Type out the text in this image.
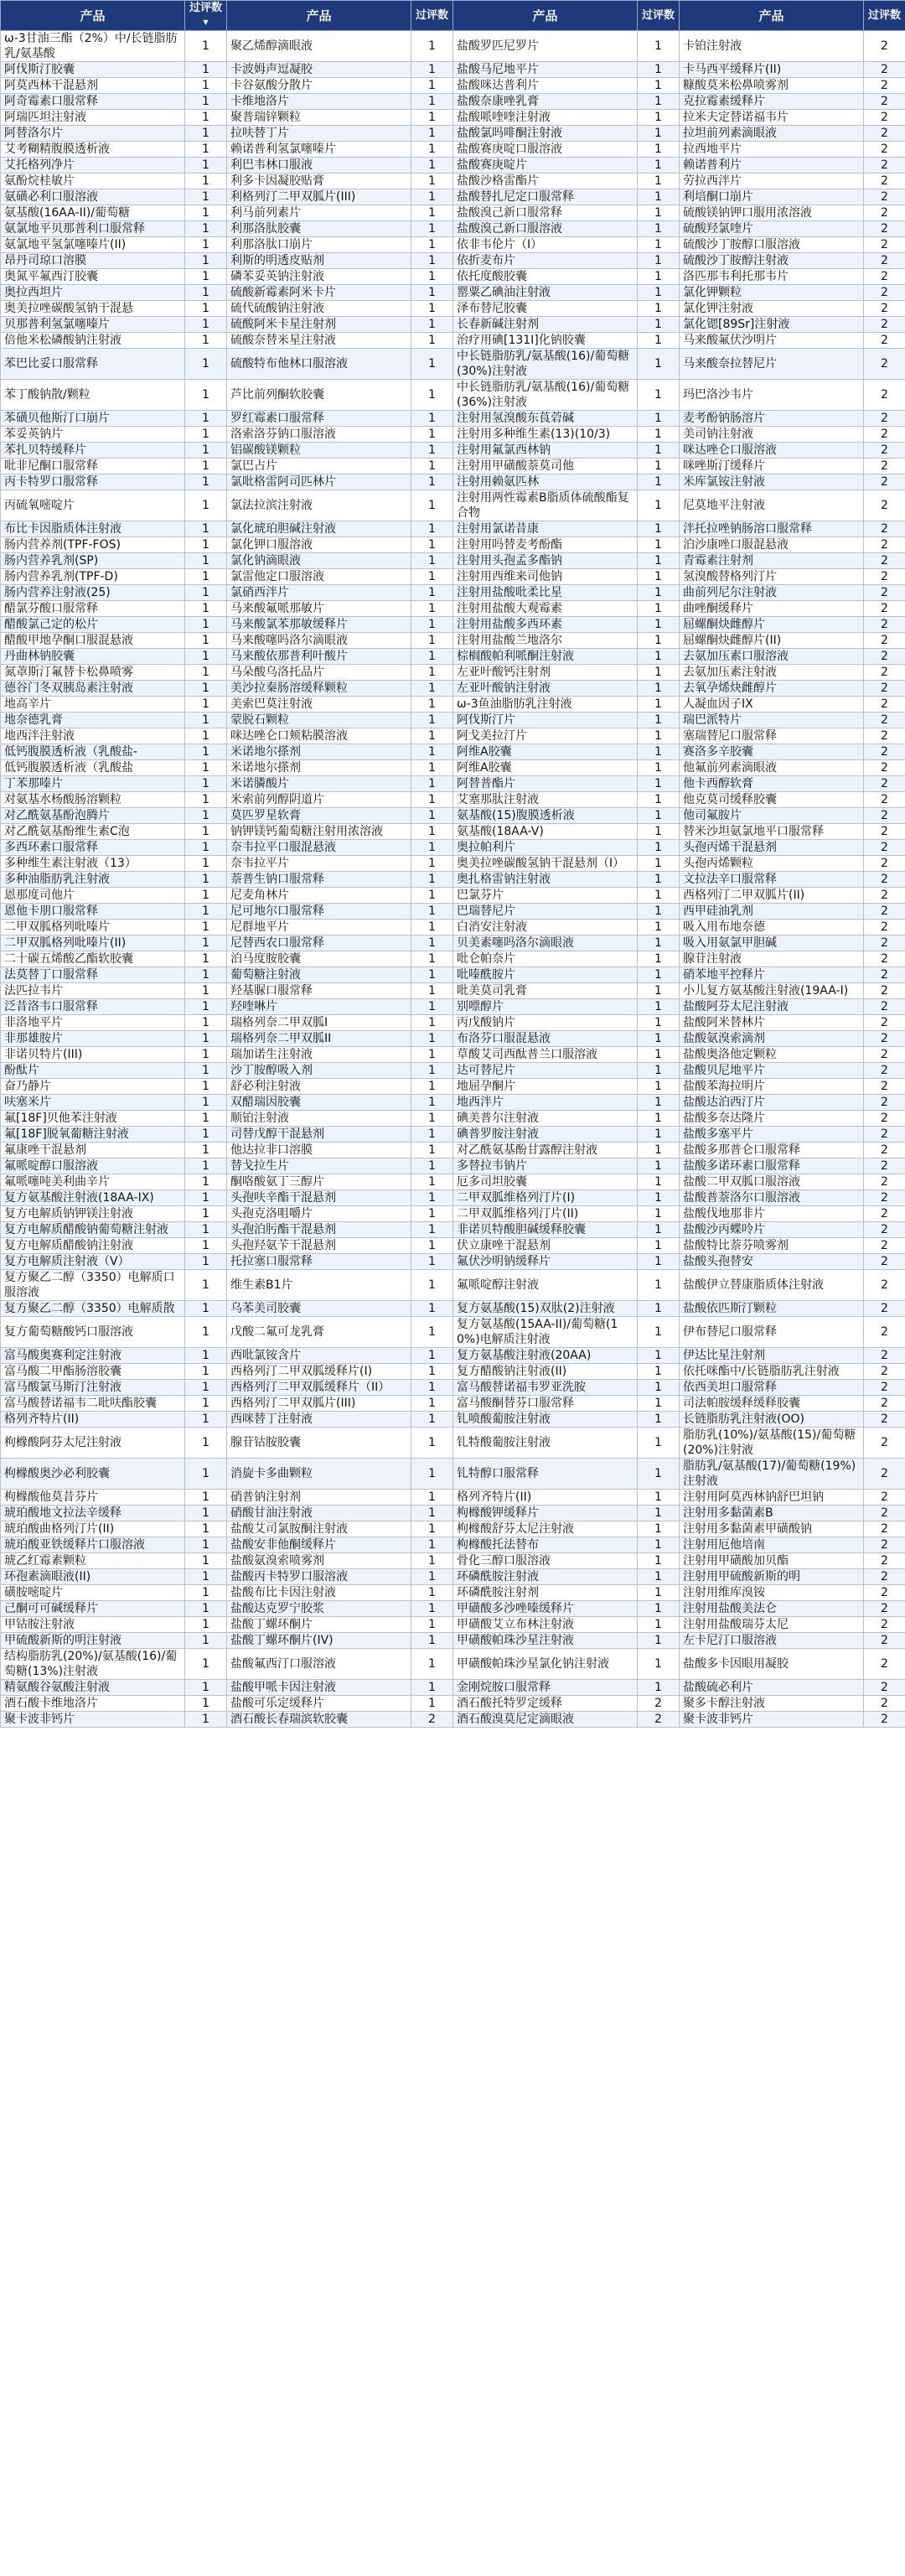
产品	过评数▼	产品	过评数	产品	过评数	产品	过评数
ω-3甘油三酯（2%）中/长链脂肪乳/氨基酸	1	聚乙烯醇滴眼液	1	盐酸罗匹尼罗片	1	卡铂注射液	2
阿伐斯汀胶囊	1	卡波姆声逗凝胶	1	盐酸马尼地平片	1	卡马西平缓释片(II)	2
阿莫西林干混悬剂	1	卡谷氨酸分散片	1	盐酸咪达普利片	1	糠酸莫米松鼻喷雾剂	2
阿奇霉素口服常释	1	卡维地洛片	1	盐酸奈康唑乳膏	1	克拉霉素缓释片	2
阿瑞匹坦注射液	1	聚普瑞锌颗粒	1	盐酸哌喹喹注射液	1	拉米夫定替诺福韦片	2
阿替洛尔片	1	拉呋替丁片	1	盐酸氯吗啡酮注射液	1	拉坦前列素滴眼液	2
艾考糊精腹膜透析液	1	赖诺普利氢氯噻嗪片	1	盐酸赛庚啶口服溶液	1	拉西地平片	2
艾托格列净片	1	利巴韦林口服液	1	盐酸赛庚啶片	1	赖诺普利片	2
氨酚烷桂敏片	1	利多卡因凝胶贴膏	1	盐酸沙格雷酯片	1	劳拉西泮片	2
氨磺必利口服溶液	1	利格列汀二甲双胍片(III)	1	盐酸替扎尼定口服常释	1	利培酮口崩片	2
氨基酸(16AA-II)/葡萄糖	1	利马前列素片	1	盐酸溴己新口服常释	1	硫酸镁钠钾口服用浓溶液	2
氨氯地平贝那普利口服常释	1	利那洛肽胶囊	1	盐酸溴己新口服溶液	1	硫酸羟氯喹片	2
氨氯地平氢氯噻嗪片(II)	1	利那洛肽口崩片	1	依非韦伦片（I）	1	硫酸沙丁胺醇口服溶液	2
昂丹司琼口溶膜	1	利斯的明透皮贴剂	1	依折麦布片	1	硫酸沙丁胺醇注射液	2
奥氮平氟西汀胶囊	1	磷苯妥英钠注射液	1	依托度酸胶囊	1	洛匹那韦利托那韦片	2
奥拉西坦片	1	硫酸新霉素阿米卡片	1	罂粟乙碘油注射液	1	氯化钾颗粒	2
奥美拉唑碳酸氢钠干混悬	1	硫代硫酸钠注射液	1	泽布替尼胶囊	1	氯化钾注射液	2
贝那普利氢氯噻嗪片	1	硫酸阿米卡星注射剂	1	长春新碱注射剂	1	氯化锶[89Sr]注射液	2
倍他米松磷酸钠注射液	1	硫酸奈替米星注射液	1	治疗用碘[131I]化钠胶囊	1	马来酸氟伏沙明片	2
苯巴比妥口服常释	1	硫酸特布他林口服溶液	1	中长链脂肪乳/氨基酸(16)/葡萄糖(30%)注射液	1	马来酸奈拉替尼片	2
苯丁酸钠散/颗粒	1	芦比前列酮软胶囊	1	中长链脂肪乳/氨基酸(16)/葡萄糖(36%)注射液	1	玛巴洛沙韦片	2
苯磺贝他斯汀口崩片	1	罗红霉素口服常释	1	注射用氢溴酸东莨菪碱	1	麦考酚钠肠溶片	2
苯妥英钠片	1	洛索洛芬钠口服溶液	1	注射用多种维生素(13)(10/3)	1	美司钠注射液	2
苯扎贝特缓释片	1	铝碳酸镁颗粒	1	注射用氟氯西林钠	1	咪达唑仑口服溶液	2
吡非尼酮口服常释	1	氯巴占片	1	注射用甲磺酸萘莫司他	1	咪唑斯汀缓释片	2
丙卡特罗口服常释	1	氯吡格雷阿司匹林片	1	注射用赖氨匹林	1	米库氯铵注射液	2
丙硫氧嘧啶片	1	氯法拉滨注射液	1	注射用两性霉素B脂质体硫酸酯复合物	1	尼莫地平注射液	2
布比卡因脂质体注射液	1	氯化琥珀胆碱注射液	1	注射用氯诺昔康	1	泮托拉唑钠肠溶口服常释	2
肠内营养剂(TPF-FOS)	1	氯化钾口服溶液	1	注射用吗替麦考酚酯	1	泊沙康唑口服混悬液	2
肠内营养乳剂(SP)	1	氯化钠滴眼液	1	注射用头孢孟多酯钠	1	青霉素注射剂	2
肠内营养乳剂(TPF-D)	1	氯雷他定口服溶液	1	注射用西维来司他钠	1	氢溴酸替格列汀片	2
肠内营养注射液(25)	1	氯硝西泮片	1	注射用盐酸吡柔比星	1	曲前列尼尔注射液	2
醋氯芬酸口服常释	1	马来酸氟哌那敏片	1	注射用盐酸大观霉素	1	曲唑酮缓释片	2
醋酸氯己定的松片	1	马来酸氯苯那敏缓释片	1	注射用盐酸多西环素	1	屈螺酮炔雌醇片	2
醋酸甲地孕酮口服混悬液	1	马来酸噻吗洛尔滴眼液	1	注射用盐酸兰地洛尔	1	屈螺酮炔雌醇片(II)	2
丹曲林钠胶囊	1	马来酸依那普利叶酸片	1	棕榈酸帕利哌酮注射液	1	去氨加压素口服溶液	2
氮䓬斯汀氟替卡松鼻喷雾	1	马朵酸乌洛托品片	1	左亚叶酸钙注射剂	1	去氨加压素注射液	2
德谷门冬双胰岛素注射液	1	美沙拉秦肠溶缓释颗粒	1	左亚叶酸钠注射液	1	去氧孕烯炔雌醇片	2
地高辛片	1	美索巴莫注射液	1	ω-3鱼油脂肪乳注射液	1	人凝血因子IX	2
地奈德乳膏	1	蒙脱石颗粒	1	阿伐斯汀片	1	瑞巴派特片	2
地西泮注射液	1	咪达唑仑口颊粘膜溶液	1	阿戈美拉汀片	1	塞瑞替尼口服常释	2
低钙腹膜透析液（乳酸盐-	1	米诺地尔搽剂	1	阿维A胶囊	1	赛洛多辛胶囊	2
低钙腹膜透析液（乳酸盐	1	米诺地尔搽剂	1	阿维A胶囊	1	他氟前列素滴眼液	2
丁苯那嗪片	1	米诺膦酸片	1	阿替普酯片	1	他卡西醇软膏	2
对氨基水杨酸肠溶颗粒	1	米索前列醇阴道片	1	艾塞那肽注射液	1	他克莫司缓释胶囊	2
对乙酰氨基酚泡腾片	1	莫匹罗星软膏	1	氨基酸(15)腹膜透析液	1	他司氟胺片	2
对乙酰氨基酚维生素C泡	1	钠钾镁钙葡萄糖注射用浓溶液	1	氨基酸(18AA-V)	1	替米沙坦氨氯地平口服常释	2
多西环素口服常释	1	奈韦拉平口服混悬液	1	奥拉帕利片	1	头孢丙烯干混悬剂	2
多种维生素注射液（13）	1	奈韦拉平片	1	奥美拉唑碳酸氢钠干混悬剂（I）	1	头孢丙烯颗粒	2
多种油脂肪乳注射液	1	萘普生钠口服常释	1	奥扎格雷钠注射液	1	文拉法辛口服常释	2
恩那度司他片	1	尼麦角林片	1	巴氯芬片	1	西格列汀二甲双胍片(II)	2
恩他卡朋口服常释	1	尼可地尔口服常释	1	巴瑞替尼片	1	西甲硅油乳剂	2
二甲双胍格列吡嗪片	1	尼群地平片	1	白消安注射液	1	吸入用布地奈德	2
二甲双胍格列吡嗪片(II)	1	尼替西农口服常释	1	贝美素噻吗洛尔滴眼液	1	吸入用氨氯甲胆碱	2
二十碳五烯酸乙酯软胶囊	1	泊马度胺胶囊	1	吡仑帕奈片	1	腺苷注射液	2
法莫替丁口服常释	1	葡萄糖注射液	1	吡嗪酰胺片	1	硝苯地平控释片	2
法匹拉韦片	1	羟基脲口服常释	1	吡美莫司乳膏	1	小儿复方氨基酸注射液(19AA-I)	2
泛昔洛韦口服常释	1	羟喹啉片	1	别嘌醇片	1	盐酸阿芬太尼注射液	2
非洛地平片	1	瑞格列奈二甲双胍I	1	丙戊酸钠片	1	盐酸阿米替林片	2
非那雄胺片	1	瑞格列奈二甲双胍II	1	布洛芬口服混悬液	1	盐酸氨溴索滴剂	2
非诺贝特片(III)	1	瑞加诺生注射液	1	草酸艾司西酞普兰口服溶液	1	盐酸奥洛他定颗粒	2
酚酞片	1	沙丁胺醇吸入剂	1	达可替尼片	1	盐酸贝尼地平片	2
奋乃静片	1	舒必利注射液	1	地屈孕酮片	1	盐酸苯海拉明片	2
呋塞米片	1	双醋瑞因胶囊	1	地西泮片	1	盐酸达泊西汀片	2
氟[18F]贝他苯注射液	1	顺铂注射液	1	碘美普尔注射液	1	盐酸多奈达隆片	2
氟[18F]脱氧葡糖注射液	1	司替戊醇干混悬剂	1	碘普罗胺注射液	1	盐酸多塞平片	2
氟康唑干混悬剂	1	他达拉非口溶膜	1	对乙酰氨基酚甘露醇注射液	1	盐酸多那普仑口服常释	2
氟哌啶醇口服溶液	1	替戈拉生片	1	多替拉韦钠片	1	盐酸多诺环素口服常释	2
氟哌噻吨美利曲辛片	1	酮咯酸氨丁三醇片	1	厄多司坦胶囊	1	盐酸二甲双胍口服溶液	2
复方氨基酸注射液(18AA-IX)	1	头孢呋辛酯干混悬剂	1	二甲双胍维格列汀片(I)	1	盐酸普萘洛尔口服溶液	2
复方电解质钠钾镁注射液	1	头孢克洛咀嚼片	1	二甲双胍维格列汀片(II)	1	盐酸伐地那非片	2
复方电解质醋酸钠葡萄糖注射液	1	头孢泊肟酯干混悬剂	1	非诺贝特酸胆碱缓释胶囊	1	盐酸沙丙蝶呤片	2
复方电解质醋酸钠注射液	1	头孢羟氨苄干混悬剂	1	伏立康唑干混悬剂	1	盐酸特比萘芬喷雾剂	2
复方电解质注射液（V）	1	托拉塞口服常释	1	氟伏沙明钠缓释片	1	盐酸头孢替安	2
复方聚乙二醇（3350）电解质口服溶液	1	维生素B1片	1	氟哌啶醇注射液	1	盐酸伊立替康脂质体注射液	2
复方聚乙二醇（3350）电解质散	1	乌苯美司胶囊	1	复方氨基酸(15)双肽(2)注射液	1	盐酸依匹斯汀颗粒	2
复方葡萄糖酸钙口服溶液	1	戊酸二氟可龙乳膏	1	复方氨基酸(15AA-II)/葡萄糖(10%)电解质注射液	1	伊布替尼口服常释	2
富马酸奥赛利定注射液	1	西吡氯铵含片	1	复方氨基酸注射液(20AA)	1	伊达比星注射剂	2
富马酸二甲酯肠溶胶囊	1	西格列汀二甲双胍缓释片(I)	1	复方醋酸钠注射液(II)	1	依托咪酯中/长链脂肪乳注射液	2
富马酸氯马斯汀注射液	1	西格列汀二甲双胍缓释片（II）	1	富马酸替诺福韦罗亚洗胺	1	依西美坦口服常释	2
富马酸替诺福韦二吡呋酯胶囊	1	西格列汀二甲双胍片(III)	1	富马酸酮替芬口服常释	1	司法帕胺缓释缓释胶囊	2
格列齐特片(II)	1	西咪替丁注射液	1	钆喷酸葡胺注射液	1	长链脂肪乳注射液(OO)	2
枸橼酸阿芬太尼注射液	1	腺苷钴胺胶囊	1	钆特酸葡胺注射液	1	脂肪乳(10%)/氨基酸(15)/葡萄糖(20%)注射液	2
枸橼酸奥沙必利胶囊	1	消旋卡多曲颗粒	1	钆特醇口服常释	1	脂肪乳/氨基酸(17)/葡萄糖(19%)注射液	2
枸橼酸他莫昔芬片	1	硝普钠注射剂	1	格列齐特片(II)	1	注射用阿莫西林钠舒巴坦钠	2
琥珀酸地文拉法辛缓释	1	硝酸甘油注射液	1	枸橼酸钾缓释片	1	注射用多黏菌素B	2
琥珀酸曲格列汀片(II)	1	盐酸艾司氯胺酮注射液	1	枸橼酸舒芬太尼注射液	1	注射用多黏菌素甲磺酸钠	2
琥珀酸亚铁缓释片口服溶液	1	盐酸安非他酮缓释片	1	枸橼酸托法替布	1	注射用厄他培南	2
琥乙红霉素颗粒	1	盐酸氨溴索喷雾剂	1	骨化三醇口服溶液	1	注射用甲磺酸加贝酯	2
环孢素滴眼液(II)	1	盐酸丙卡特罗口服溶液	1	环磷酰胺注射液	1	注射用甲硫酸新斯的明	2
磺胺嘧啶片	1	盐酸布比卡因注射液	1	环磷酰胺注射剂	1	注射用维库溴铵	2
己酮可可碱缓释片	1	盐酸达克罗宁胶浆	1	甲磺酸多沙唑嗪缓释片	1	注射用盐酸美法仑	2
甲钴胺注射液	1	盐酸丁螺环酮片	1	甲磺酸艾立布林注射液	1	注射用盐酸瑞芬太尼	2
甲硫酸新斯的明注射液	1	盐酸丁螺环酮片(IV)	1	甲磺酸帕珠沙星注射液	1	左卡尼汀口服溶液	2
结构脂肪乳(20%)/氨基酸(16)/葡萄糖(13%)注射液	1	盐酸氟西汀口服溶液	1	甲磺酸帕珠沙星氯化钠注射液	1	盐酸多卡因眼用凝胶	2
精氨酸谷氨酸注射液	1	盐酸甲哌卡因注射液	1	金刚烷胺口服常释	1	盐酸硫必利片	2
酒石酸卡维地洛片	1	盐酸可乐定缓释片	1	酒石酸托特罗定缓释	2	聚多卡醇注射液	2
聚卡波非钙片	1	酒石酸长春瑞滨软胶囊	2	酒石酸溴莫尼定滴眼液	2	聚卡波非钙片	2
